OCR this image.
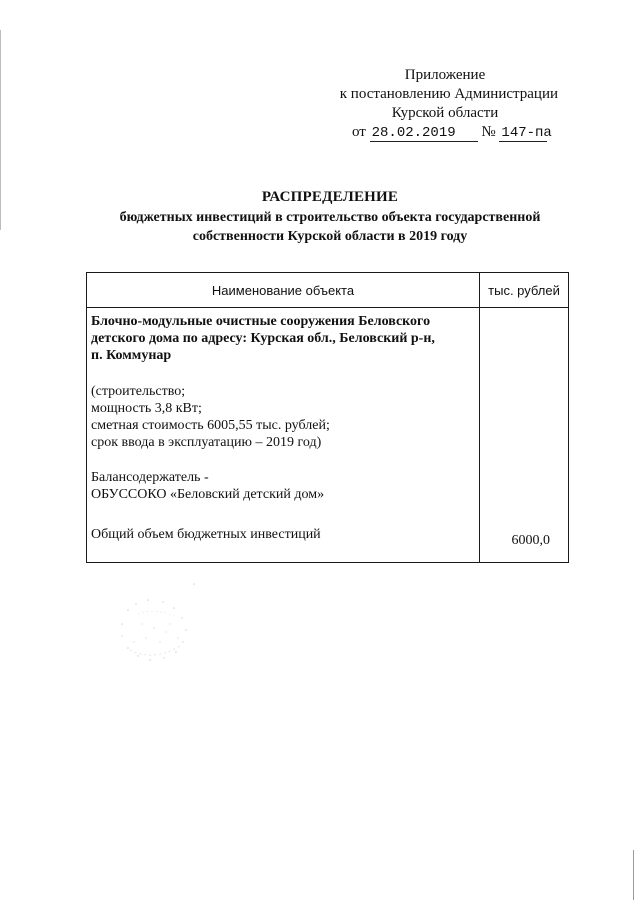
Приложение
к постановлению Администрации
Курской области
от 28.02.2019 № 147-па
РАСПРЕДЕЛЕНИЕ
бюджетных инвестиций в строительство объекта государственной
собственности Курской области в 2019 году
Наименование объекта	тыс. рублей
Блочно-модульные очистные сооружения Беловского
детского дома по адресу: Курская обл., Беловский р-н,
п. Коммунар
(строительство;
мощность 3,8 кВт;
сметная стоимость 6005,55 тыс. рублей;
срок ввода в эксплуатацию – 2019 год)
Балансодержатель -
ОБУССОКО «Беловский детский дом»
Общий объем бюджетных инвестиций	6000,0
